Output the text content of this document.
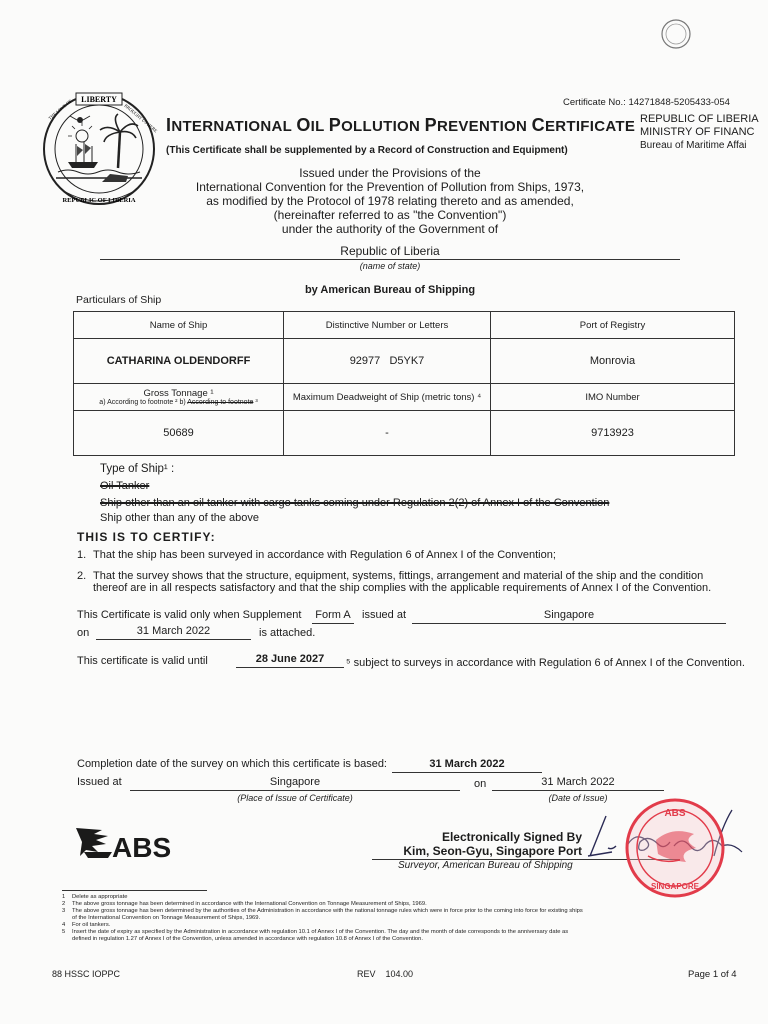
LIBERTY
REPUBLIC OF LIBERIA
THE LOVE OF	BROUGHT US HERE
Certificate No.: 14271848-5205433-054
INTERNATIONAL OIL POLLUTION PREVENTION CERTIFICATE
(This Certificate shall be supplemented by a Record of Construction and Equipment)
REPUBLIC OF LIBERIA
MINISTRY OF FINANC
Bureau of Maritime Affai
Issued under the Provisions of the
International Convention for the Prevention of Pollution from Ships, 1973,
as modified by the Protocol of 1978 relating thereto and as amended,
(hereinafter referred to as "the Convention")
under the authority of the Government of
Republic of Liberia
(name of state)
by American Bureau of Shipping
Particulars of Ship
Name of Ship	Distinctive Number or Letters	Port of Registry
CATHARINA OLDENDORFF	92977   D5YK7	Monrovia

Gross Tonnage ¹
a) According to footnote ² b) According to footnote ³	Maximum Deadweight of Ship (metric tons) ⁴	IMO Number
50689	-	9713923
Type of Ship¹ :
Oil Tanker
Ship other than an oil tanker with cargo tanks coming under Regulation 2(2) of Annex I of the Convention
Ship other than any of the above
THIS IS TO CERTIFY:
1. That the ship has been surveyed in accordance with Regulation 6 of Annex I of the Convention;
2. That the survey shows that the structure, equipment, systems, fittings, arrangement and material of the ship and the condition
thereof are in all respects satisfactory and that the ship complies with the applicable requirements of Annex I of the Convention.
This Certificate is valid only when Supplement Form A issued at	Singapore
on	31 March 2022	is attached.
This certificate is valid until	28 June 2027	⁵ subject to surveys in accordance with Regulation 6 of Annex I of the Convention.
Completion date of the survey on which this certificate is based:	31 March 2022
Issued at	Singapore	on	31 March 2022
(Place of Issue of Certificate)	(Date of Issue)
ABS	Electronically Signed By
Kim, Seon-Gyu, Singapore Port
Surveyor, American Bureau of Shipping
ABS
SINGAPORE
1 Delete as appropriate
2 The above gross tonnage has been determined in accordance with the International Convention on Tonnage Measurement of Ships, 1969.
3 The above gross tonnage has been determined by the authorities of the Administration in accordance with the national tonnage rules which were in force prior to the coming into force for existing ships
of the International Convention on Tonnage Measurement of Ships, 1969.
4 For oil tankers.
5 Insert the date of expiry as specified by the Administration in accordance with regulation 10.1 of Annex I of the Convention. The day and the month of date corresponds to the anniversary date as
defined in regulation 1.27 of Annex I of the Convention, unless amended in accordance with regulation 10.8 of Annex I of the Convention.
88 HSSC IOPPC	REV    104.00	Page 1 of 4
